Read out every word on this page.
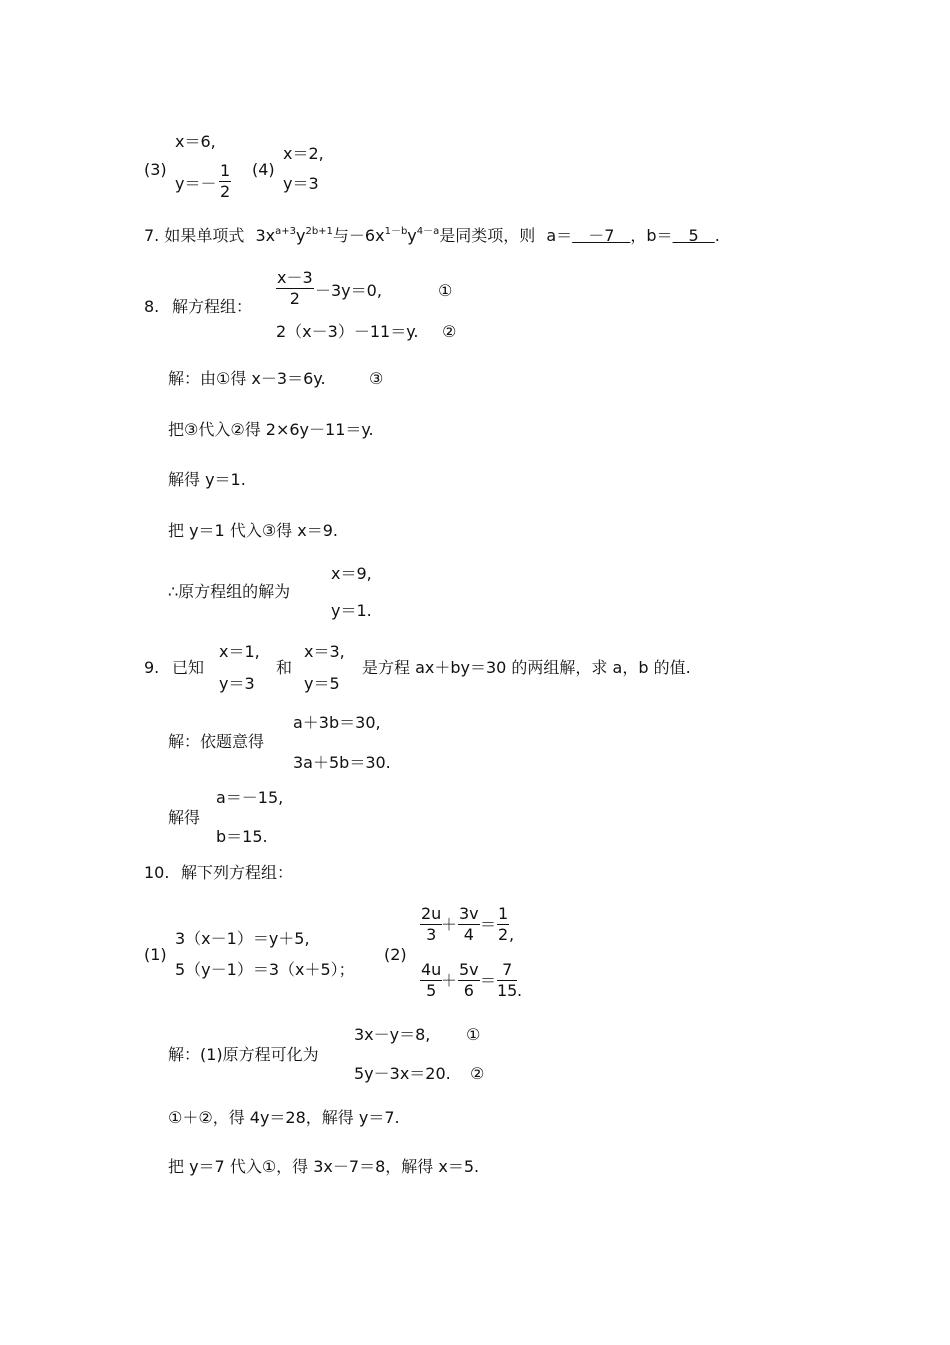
(3)
x＝6,
y＝－
1
2
(4)
x＝2,
y＝3
7. 如果单项式 $3x^{a+3}y^{2b+1}$与$-6x^{1-b}y^{4-a}$是同类项，则 a＝　－7　，b＝　5　.
8. 解方程组：
x－3
2 －3y＝0,	①
2（x－3）－11＝y. ②
解：由①得 x－3＝6y.	③
把③代入②得 2×6y－11＝y.
解得 y＝1.
把 y＝1 代入③得 x＝9.
∴原方程组的解为
x＝9,
y＝1.
9. 已知
x＝1,
y＝3
和
x＝3,
y＝5
是方程 ax＋by＝30 的两组解，求 a，b 的值.
解：依题意得
a＋3b＝30,
3a＋5b＝30.
解得
a＝－15,
b＝15.
10. 解下列方程组：
(1)
3（x－1）＝y＋5,
5（y－1）＝3（x＋5）；
(2)
2u
3
＋
3v
4
＝
1
2 ,
4u
5
＋
5v
6
＝
7
15 .
解：(1)原方程可化为
3x－y＝8, ①
5y－3x＝20. ②
①＋②，得 4y＝28，解得 y＝7.
把 y＝7 代入①，得 3x－7＝8，解得 x＝5.
